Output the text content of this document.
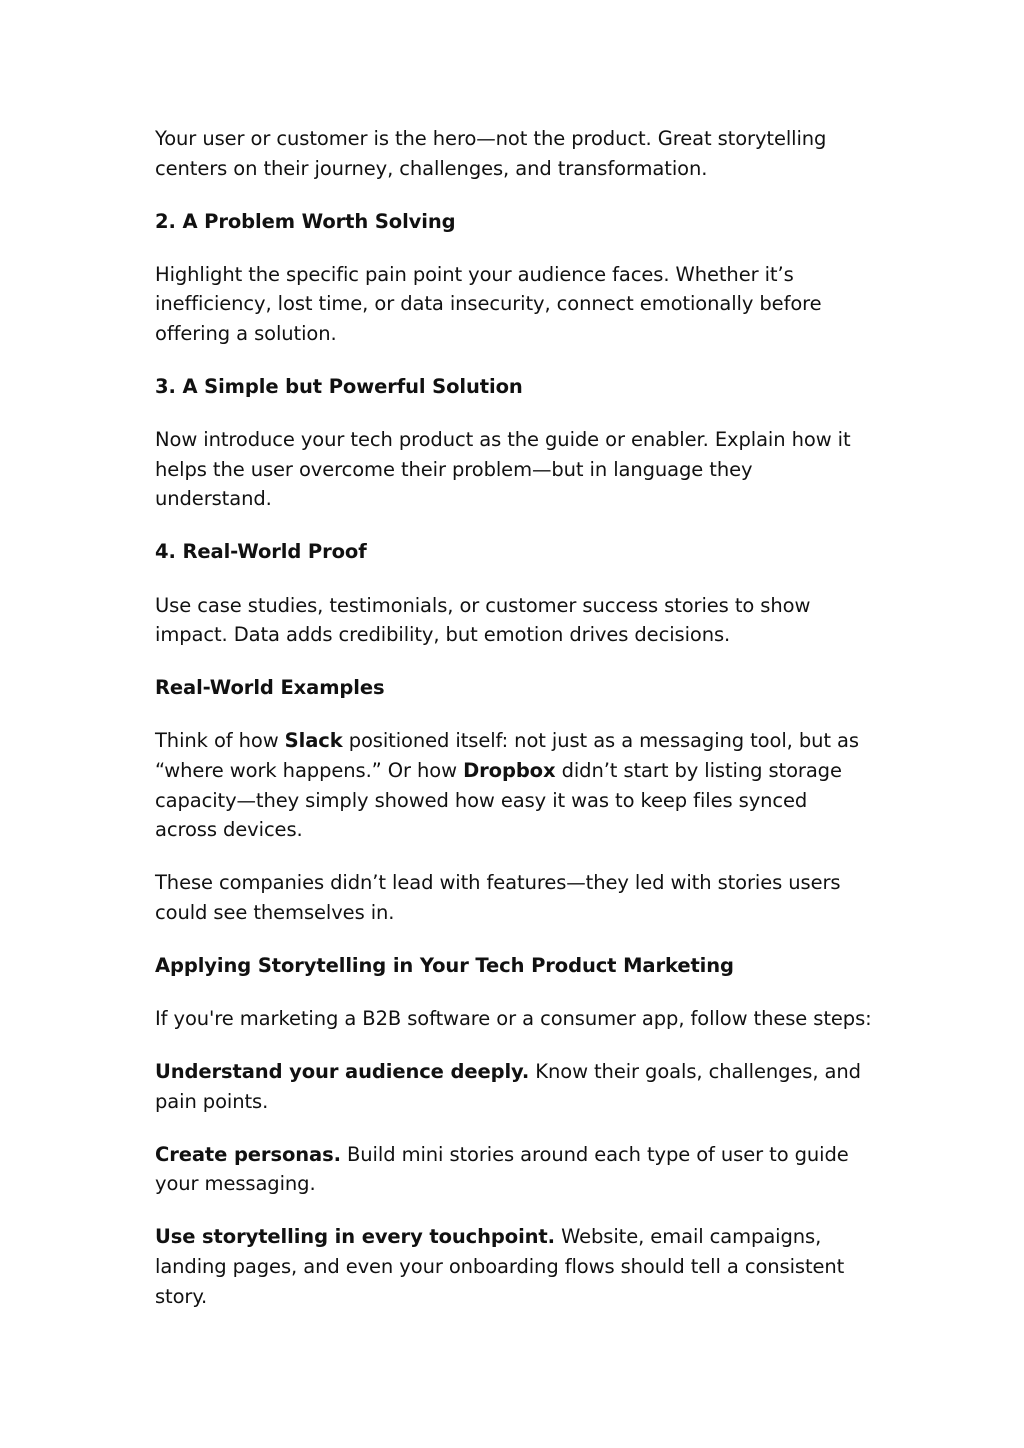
Your user or customer is the hero—not the product. Great storytelling centers on their journey, challenges, and transformation.

2. A Problem Worth Solving

Highlight the specific pain point your audience faces. Whether it’s inefficiency, lost time, or data insecurity, connect emotionally before offering a solution.

3. A Simple but Powerful Solution

Now introduce your tech product as the guide or enabler. Explain how it helps the user overcome their problem—but in language they understand.

4. Real-World Proof

Use case studies, testimonials, or customer success stories to show impact. Data adds credibility, but emotion drives decisions.

Real-World Examples

Think of how Slack positioned itself: not just as a messaging tool, but as “where work happens.” Or how Dropbox didn’t start by listing storage capacity—they simply showed how easy it was to keep files synced across devices.

These companies didn’t lead with features—they led with stories users could see themselves in.

Applying Storytelling in Your Tech Product Marketing

If you're marketing a B2B software or a consumer app, follow these steps:

Understand your audience deeply. Know their goals, challenges, and pain points.

Create personas. Build mini stories around each type of user to guide your messaging.

Use storytelling in every touchpoint. Website, email campaigns, landing pages, and even your onboarding flows should tell a consistent story.
